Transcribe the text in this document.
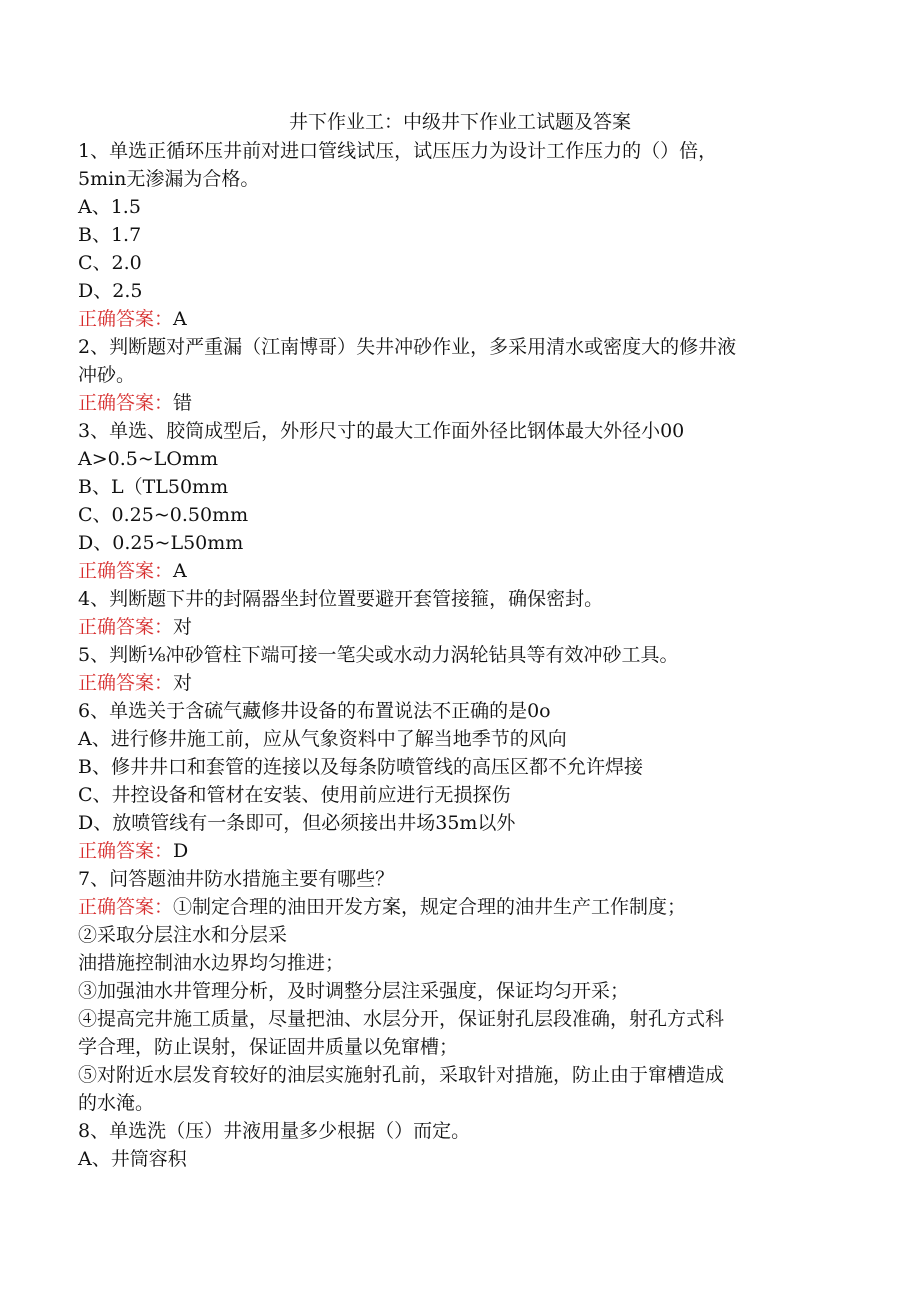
井下作业工：中级井下作业工试题及答案
1、单选正循环压井前对进口管线试压，试压压力为设计工作压力的（）倍，
5min无渗漏为合格。
A、1.5
B、1.7
C、2.0
D、2.5
正确答案：A
2、判断题对严重漏（江南博哥）失井冲砂作业，多采用清水或密度大的修井液
冲砂。
正确答案：错
3、单选、胶筒成型后，外形尺寸的最大工作面外径比钢体最大外径小00
A>0.5~LOmm
B、L（TL50mm
C、0.25~0.50mm
D、0.25~L50mm
正确答案：A
4、判断题下井的封隔器坐封位置要避开套管接箍，确保密封。
正确答案：对
5、判断⅛冲砂管柱下端可接一笔尖或水动力涡轮钻具等有效冲砂工具。
正确答案：对
6、单选关于含硫气藏修井设备的布置说法不正确的是0o
A、进行修井施工前，应从气象资料中了解当地季节的风向
B、修井井口和套管的连接以及每条防喷管线的高压区都不允许焊接
C、井控设备和管材在安装、使用前应进行无损探伤
D、放喷管线有一条即可，但必须接出井场35m以外
正确答案：D
7、问答题油井防水措施主要有哪些？
正确答案：①制定合理的油田开发方案，规定合理的油井生产工作制度；
②采取分层注水和分层采
油措施控制油水边界均匀推进；
③加强油水井管理分析，及时调整分层注采强度，保证均匀开采；
④提高完井施工质量，尽量把油、水层分开，保证射孔层段准确，射孔方式科
学合理，防止误射，保证固井质量以免窜槽；
⑤对附近水层发育较好的油层实施射孔前，采取针对措施，防止由于窜槽造成
的水淹。
8、单选洗（压）井液用量多少根据（）而定。
A、井筒容积
